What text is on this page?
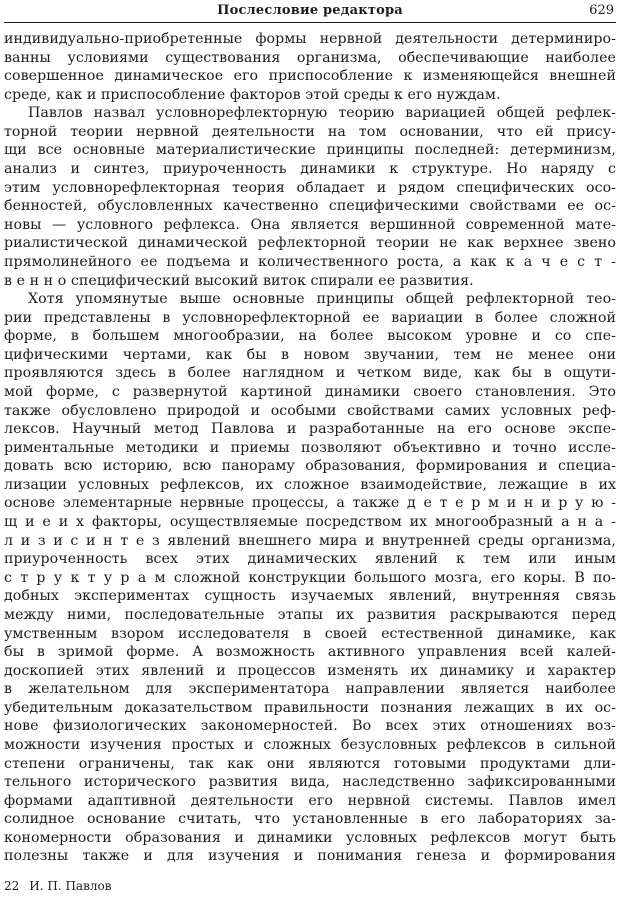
Послесловие редактора	629
индивидуально-приобретенные формы нервной деятельности детерминиро-
ванны условиями существования организма, обеспечивающие наиболее
совершенное динамическое его приспособление к изменяющейся внешней
среде, как и приспособление факторов этой среды к его нуждам.
Павлов назвал условнорефлекторную теорию вариацией общей рефлек-
торной теории нервной деятельности на том основании, что ей прису-
щи все основные материалистические принципы последней: детерминизм,
анализ и синтез, приуроченность динамики к структуре. Но наряду с
этим условнорефлекторная теория обладает и рядом специфических осо-
бенностей, обусловленных качественно специфическими свойствами ее ос-
новы — условного рефлекса. Она является вершинной современной мате-
риалистической динамической рефлекторной теории не как верхнее звено
прямолинейного ее подъема и количественного роста, а как к а ч е с т -
в е н н о специфический высокий виток спирали ее развития.
Хотя упомянутые выше основные принципы общей рефлекторной тео-
рии представлены в условнорефлекторной ее вариации в более сложной
форме, в большем многообразии, на более высоком уровне и со спе-
цифическими чертами, как бы в новом звучании, тем не менее они
проявляются здесь в более наглядном и четком виде, как бы в ощути-
мой форме, с развернутой картиной динамики своего становления. Это
также обусловлено природой и особыми свойствами самих условных реф-
лексов. Научный метод Павлова и разработанные на его основе экспе-
риментальные методики и приемы позволяют объективно и точно иссле-
довать всю историю, всю панораму образования, формирования и специа-
лизации условных рефлексов, их сложное взаимодействие, лежащие в их
основе элементарные нервные процессы, а также д е т е р м и н и р у ю -
щ и е и х факторы, осуществляемые посредством их многообразный а н а -
л и з и с и н т е з явлений внешнего мира и внутренней среды организма,
приуроченность всех этих динамических явлений к тем или иным
с т р у к т у р а м сложной конструкции большого мозга, его коры. В по-
добных экспериментах сущность изучаемых явлений, внутренняя связь
между ними, последовательные этапы их развития раскрываются перед
умственным взором исследователя в своей естественной динамике, как
бы в зримой форме. А возможность активного управления всей калей-
доскопией этих явлений и процессов изменять их динамику и характер
в желательном для экспериментатора направлении является наиболее
убедительным доказательством правильности познания лежащих в их ос-
нове физиологических закономерностей. Во всех этих отношениях воз-
можности изучения простых и сложных безусловных рефлексов в сильной
степени ограничены, так как они являются готовыми продуктами дли-
тельного исторического развития вида, наследственно зафиксированными
формами адаптивной деятельности его нервной системы. Павлов имел
солидное основание считать, что установленные в его лабораториях за-
кономерности образования и динамики условных рефлексов могут быть
полезны также и для изучения и понимания генеза и формирования
22 И. П. Павлов
